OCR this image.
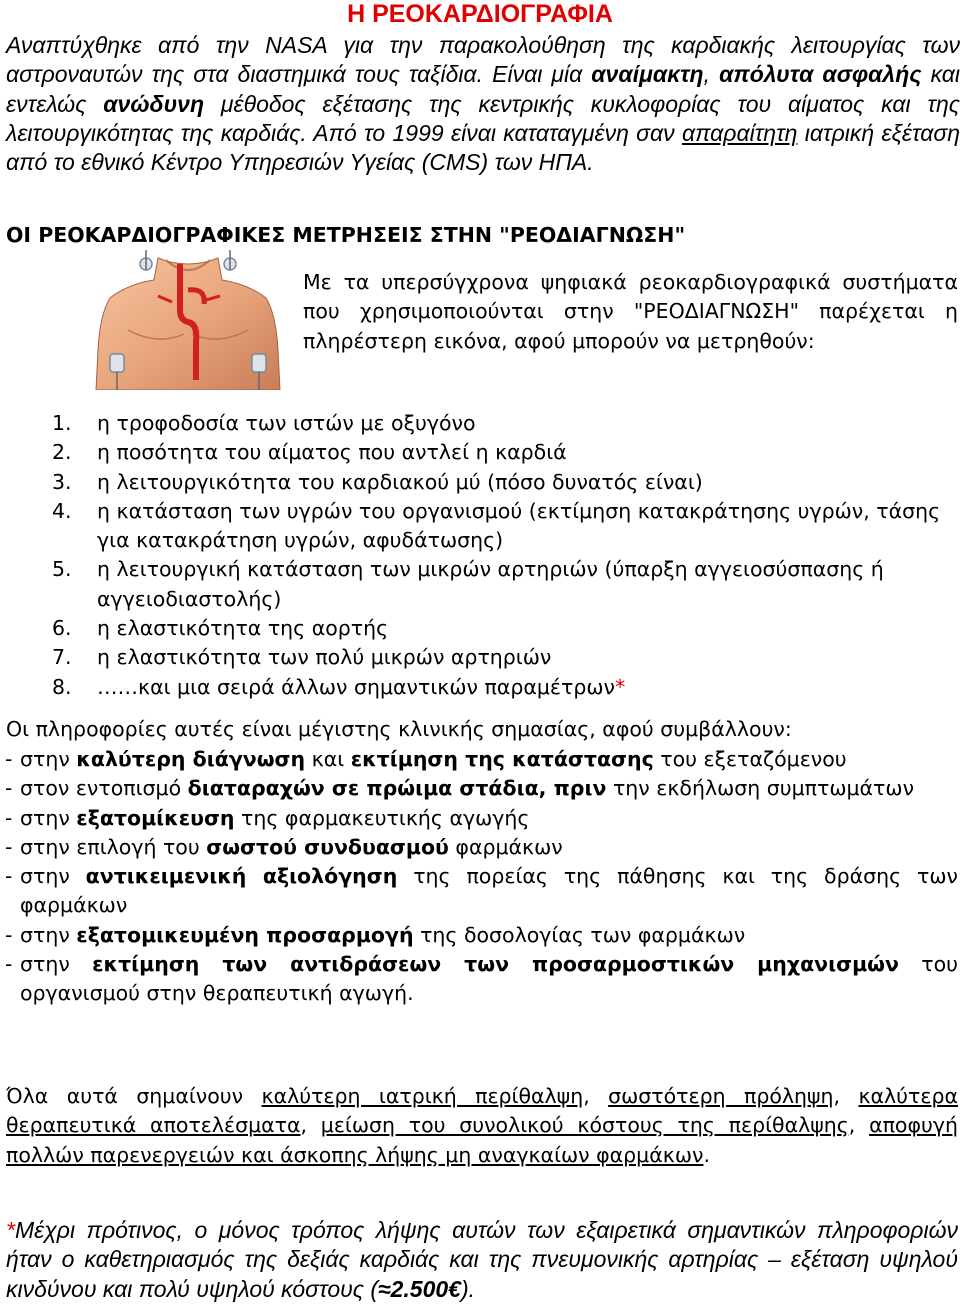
Η ΡΕΟΚΑΡΔΙΟΓΡΑΦΙΑ

Αναπτύχθηκε από την NASA για την παρακολούθηση της καρδιακής λειτουργίας των αστροναυτών της στα διαστημικά τους ταξίδια. Είναι μία αναίμακτη, απόλυτα ασφαλής και εντελώς ανώδυνη μέθοδος εξέτασης της κεντρικής κυκλοφορίας του αίματος και της λειτουργικότητας της καρδιάς. Από το 1999 είναι καταταγμένη σαν απαραίτητη ιατρική εξέταση από το εθνικό Κέντρο Υπηρεσιών Υγείας (CMS) των ΗΠΑ.

ΟΙ ΡΕΟΚΑΡΔΙΟΓΡΑΦΙΚΕΣ ΜΕΤΡΗΣΕΙΣ ΣΤΗΝ "ΡΕΟΔΙΑΓΝΩΣΗ"

Με τα υπερσύγχρονα ψηφιακά ρεοκαρδιογραφικά συστήματα που χρησιμοποιούνται στην "ΡΕΟΔΙΑΓΝΩΣΗ" παρέχεται η πληρέστερη εικόνα, αφού μπορούν να μετρηθούν:

1. η τροφοδοσία των ιστών με οξυγόνο
2. η ποσότητα του αίματος που αντλεί η καρδιά
3. η λειτουργικότητα του καρδιακού μύ (πόσο δυνατός είναι)
4. η κατάσταση των υγρών του οργανισμού (εκτίμηση κατακράτησης υγρών, τάσης για κατακράτηση υγρών, αφυδάτωσης)
5. η λειτουργική κατάσταση των μικρών αρτηριών (ύπαρξη αγγειοσύσπασης ή αγγειοδιαστολής)
6. η ελαστικότητα της αορτής
7. η ελαστικότητα των πολύ μικρών αρτηριών
8. ……και μια σειρά άλλων σημαντικών παραμέτρων*

Οι πληροφορίες αυτές είναι μέγιστης κλινικής σημασίας, αφού συμβάλλουν:

- στην καλύτερη διάγνωση και εκτίμηση της κατάστασης του εξεταζόμενου
- στον εντοπισμό διαταραχών σε πρώιμα στάδια, πριν την εκδήλωση συμπτωμάτων
- στην εξατομίκευση της φαρμακευτικής αγωγής
- στην επιλογή του σωστού συνδυασμού φαρμάκων
- στην αντικειμενική αξιολόγηση της πορείας της πάθησης και της δράσης των φαρμάκων
- στην εξατομικευμένη προσαρμογή της δοσολογίας των φαρμάκων
- στην εκτίμηση των αντιδράσεων των προσαρμοστικών μηχανισμών του οργανισμού στην θεραπευτική αγωγή.

Όλα αυτά σημαίνουν καλύτερη ιατρική περίθαλψη, σωστότερη πρόληψη, καλύτερα θεραπευτικά αποτελέσματα, μείωση του συνολικού κόστους της περίθαλψης, αποφυγή πολλών παρενεργειών και άσκοπης λήψης μη αναγκαίων φαρμάκων.

*Μέχρι πρότινος, ο μόνος τρόπος λήψης αυτών των εξαιρετικά σημαντικών πληροφοριών ήταν ο καθετηριασμός της δεξιάς καρδιάς και της πνευμονικής αρτηρίας – εξέταση υψηλού κινδύνου και πολύ υψηλού κόστους (≈2.500€).
